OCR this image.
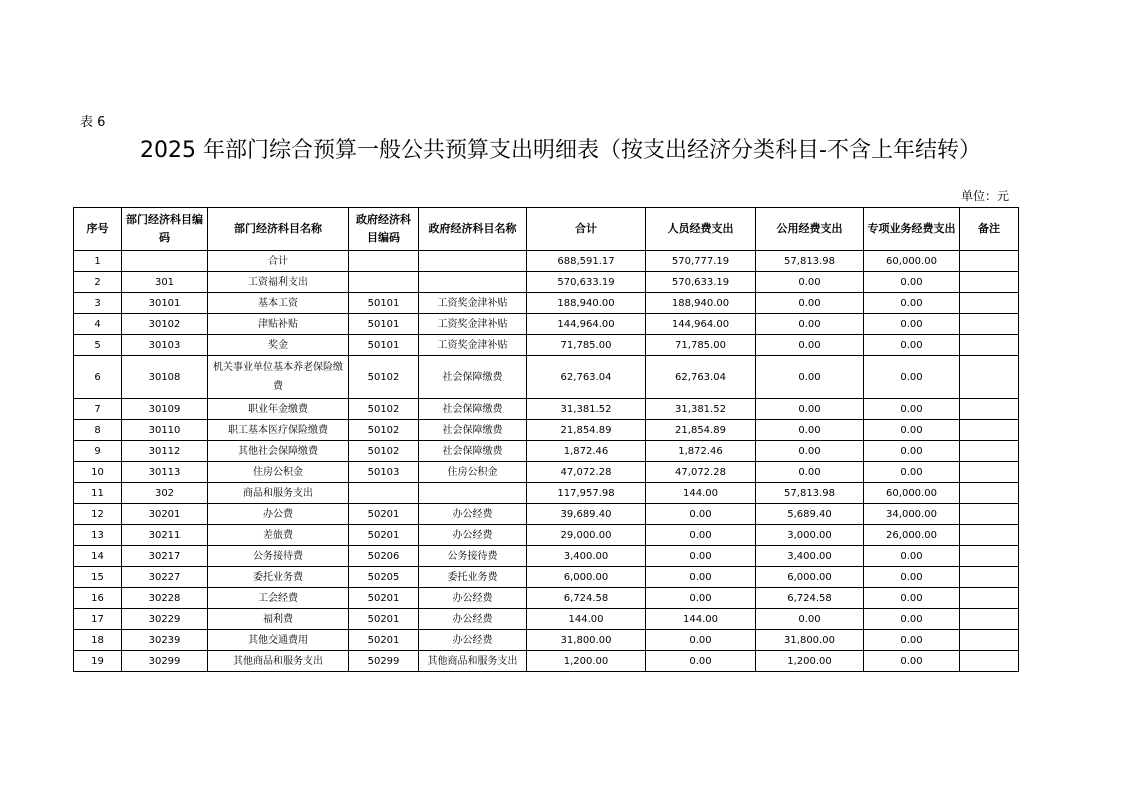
表 6
2025 年部门综合预算一般公共预算支出明细表（按支出经济分类科目-不含上年结转）
单位：元
序号	部门经济科目编码	部门经济科目名称	政府经济科目编码	政府经济科目名称	合计	人员经费支出	公用经费支出	专项业务经费支出	备注
1		合计			688,591.17	570,777.19	57,813.98	60,000.00	
2	301	工资福利支出			570,633.19	570,633.19	0.00	0.00	
3	30101	基本工资	50101	工资奖金津补贴	188,940.00	188,940.00	0.00	0.00	
4	30102	津贴补贴	50101	工资奖金津补贴	144,964.00	144,964.00	0.00	0.00	
5	30103	奖金	50101	工资奖金津补贴	71,785.00	71,785.00	0.00	0.00	
6	30108	机关事业单位基本养老保险缴费	50102	社会保障缴费	62,763.04	62,763.04	0.00	0.00	
7	30109	职业年金缴费	50102	社会保障缴费	31,381.52	31,381.52	0.00	0.00	
8	30110	职工基本医疗保险缴费	50102	社会保障缴费	21,854.89	21,854.89	0.00	0.00	
9	30112	其他社会保障缴费	50102	社会保障缴费	1,872.46	1,872.46	0.00	0.00	
10	30113	住房公积金	50103	住房公积金	47,072.28	47,072.28	0.00	0.00	
11	302	商品和服务支出			117,957.98	144.00	57,813.98	60,000.00	
12	30201	办公费	50201	办公经费	39,689.40	0.00	5,689.40	34,000.00	
13	30211	差旅费	50201	办公经费	29,000.00	0.00	3,000.00	26,000.00	
14	30217	公务接待费	50206	公务接待费	3,400.00	0.00	3,400.00	0.00	
15	30227	委托业务费	50205	委托业务费	6,000.00	0.00	6,000.00	0.00	
16	30228	工会经费	50201	办公经费	6,724.58	0.00	6,724.58	0.00	
17	30229	福利费	50201	办公经费	144.00	144.00	0.00	0.00	
18	30239	其他交通费用	50201	办公经费	31,800.00	0.00	31,800.00	0.00	
19	30299	其他商品和服务支出	50299	其他商品和服务支出	1,200.00	0.00	1,200.00	0.00	
